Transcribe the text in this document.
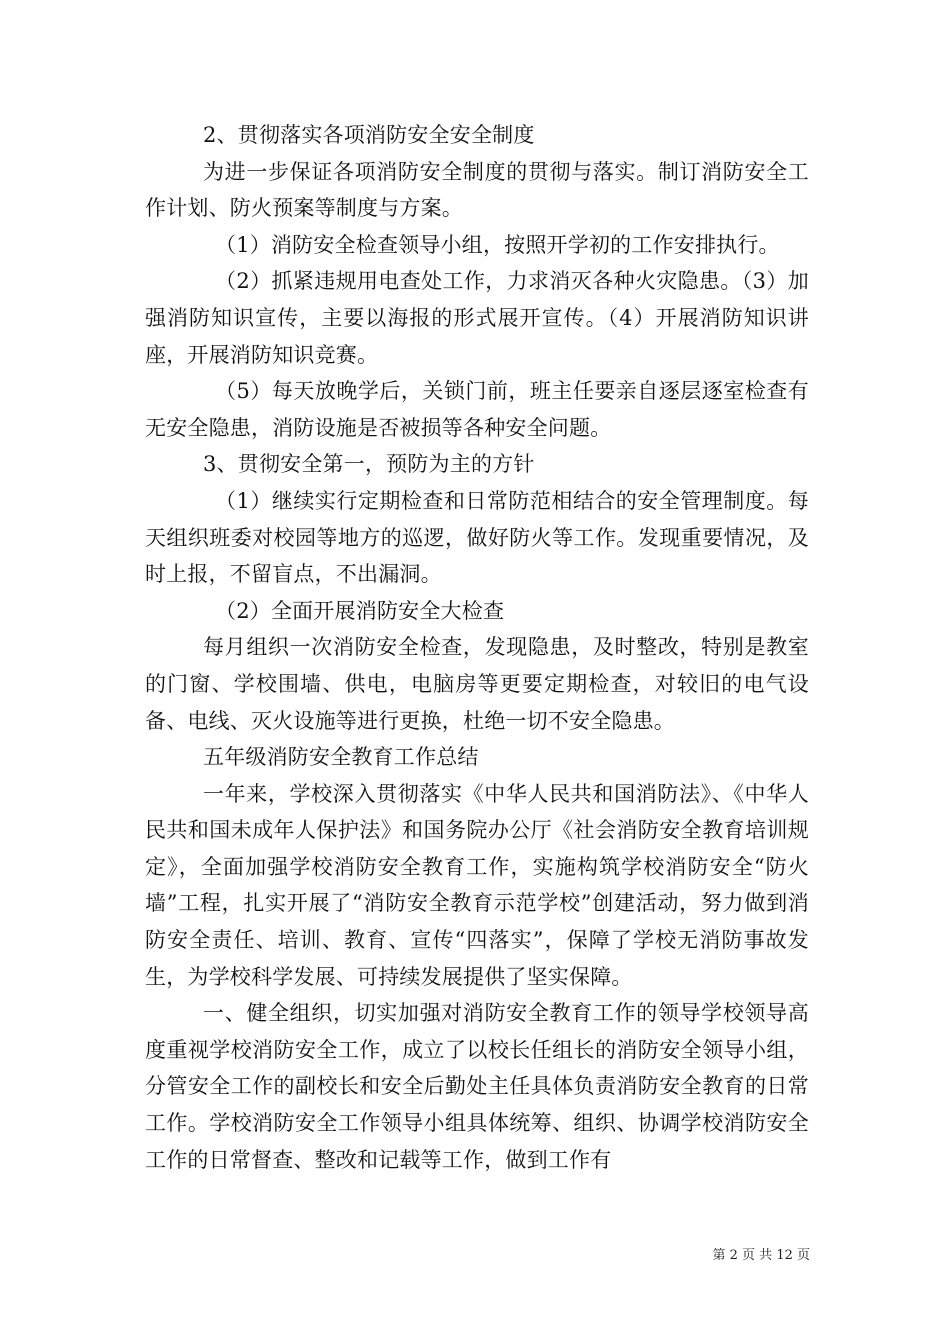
2、贯彻落实各项消防安全安全制度

为进一步保证各项消防安全制度的贯彻与落实。制订消防安全工作计划、防火预案等制度与方案。

（1）消防安全检查领导小组，按照开学初的工作安排执行。

（2）抓紧违规用电查处工作，力求消灭各种火灾隐患。（3）加强消防知识宣传，主要以海报的形式展开宣传。（4）开展消防知识讲座，开展消防知识竞赛。

（5）每天放晚学后，关锁门前，班主任要亲自逐层逐室检查有无安全隐患，消防设施是否被损等各种安全问题。

3、贯彻安全第一，预防为主的方针

（1）继续实行定期检查和日常防范相结合的安全管理制度。每天组织班委对校园等地方的巡逻，做好防火等工作。发现重要情况，及时上报，不留盲点，不出漏洞。

（2）全面开展消防安全大检查

每月组织一次消防安全检查，发现隐患，及时整改，特别是教室的门窗、学校围墙、供电，电脑房等更要定期检查，对较旧的电气设备、电线、灭火设施等进行更换，杜绝一切不安全隐患。

五年级消防安全教育工作总结

一年来，学校深入贯彻落实《中华人民共和国消防法》、《中华人民共和国未成年人保护法》和国务院办公厅《社会消防安全教育培训规定》，全面加强学校消防安全教育工作，实施构筑学校消防安全“防火墙”工程，扎实开展了“消防安全教育示范学校”创建活动，努力做到消防安全责任、培训、教育、宣传“四落实”，保障了学校无消防事故发生，为学校科学发展、可持续发展提供了坚实保障。

一、健全组织，切实加强对消防安全教育工作的领导学校领导高度重视学校消防安全工作，成立了以校长任组长的消防安全领导小组，分管安全工作的副校长和安全后勤处主任具体负责消防安全教育的日常工作。学校消防安全工作领导小组具体统筹、组织、协调学校消防安全工作的日常督查、整改和记载等工作，做到工作有

第 2 页 共 12 页
